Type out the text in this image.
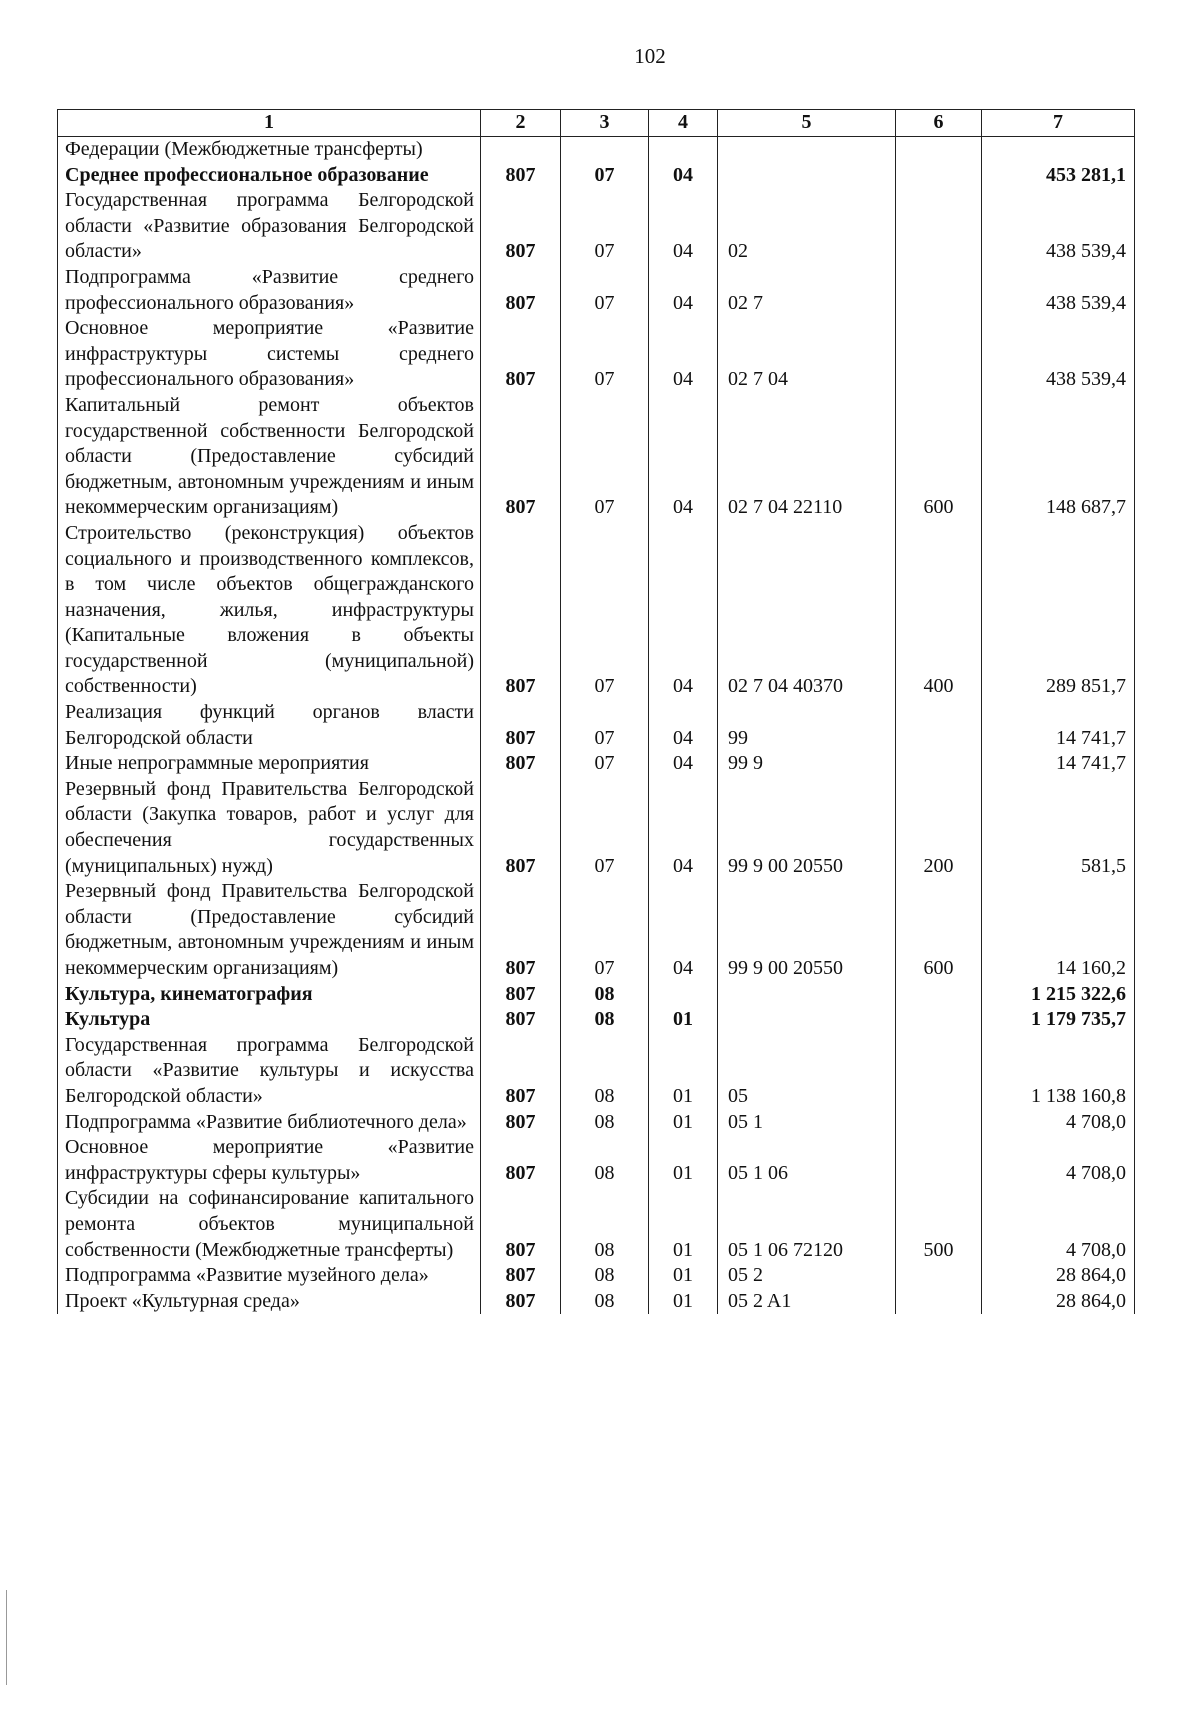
102
1	2	3	4	5	6	7
Федерации (Межбюджетные трансферты)						
Среднее профессиональное образование	807	07	04			453 281,1
Государственная программа Белгородской области «Развитие образования Белгородской области»	807	07	04	02		438 539,4
Подпрограмма «Развитие среднего профессионального образования»	807	07	04	02 7		438 539,4
Основное мероприятие «Развитие инфраструктуры системы среднего профессионального образования»	807	07	04	02 7 04		438 539,4
Капитальный ремонт объектов государственной собственности Белгородской области (Предоставление субсидий бюджетным, автономным учреждениям и иным некоммерческим организациям)	807	07	04	02 7 04 22110	600	148 687,7
Строительство (реконструкция) объектов социального и производственного комплексов, в том числе объектов общегражданского назначения, жилья, инфраструктуры (Капитальные вложения в объекты государственной (муниципальной) собственности)	807	07	04	02 7 04 40370	400	289 851,7
Реализация функций органов власти Белгородской области	807	07	04	99		14 741,7
Иные непрограммные мероприятия	807	07	04	99 9		14 741,7
Резервный фонд Правительства Белгородской области (Закупка товаров, работ и услуг для обеспечения государственных (муниципальных) нужд)	807	07	04	99 9 00 20550	200	581,5
Резервный фонд Правительства Белгородской области (Предоставление субсидий бюджетным, автономным учреждениям и иным некоммерческим организациям)	807	07	04	99 9 00 20550	600	14 160,2
Культура, кинематография	807	08				1 215 322,6
Культура	807	08	01			1 179 735,7
Государственная программа Белгородской области «Развитие культуры и искусства Белгородской области»	807	08	01	05		1 138 160,8
Подпрограмма «Развитие библиотечного дела»	807	08	01	05 1		4 708,0
Основное мероприятие «Развитие инфраструктуры сферы культуры»	807	08	01	05 1 06		4 708,0
Субсидии на софинансирование капитального ремонта объектов муниципальной собственности (Межбюджетные трансферты)	807	08	01	05 1 06 72120	500	4 708,0
Подпрограмма «Развитие музейного дела»	807	08	01	05 2		28 864,0
Проект «Культурная среда»	807	08	01	05 2 A1		28 864,0
